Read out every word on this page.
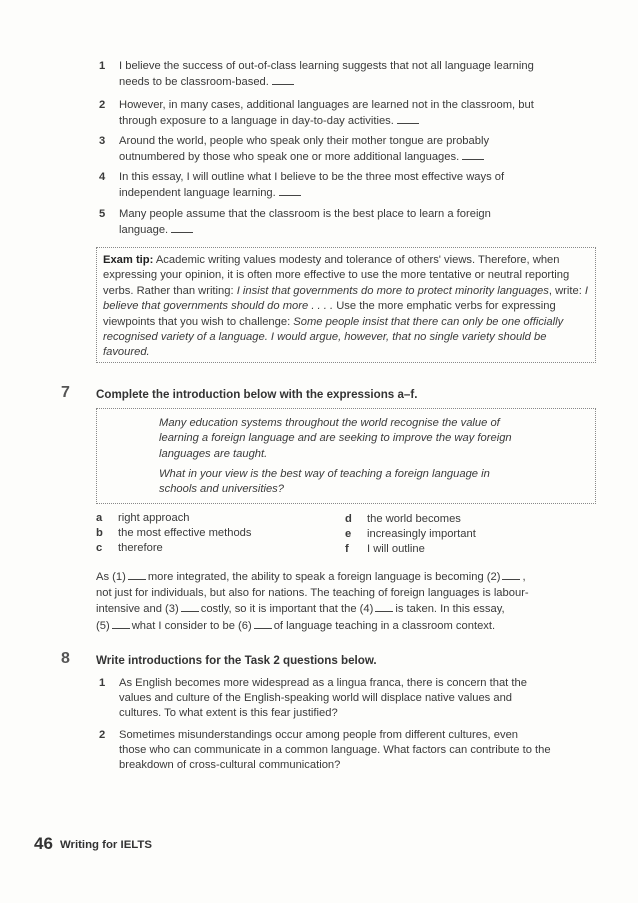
1 I believe the success of out-of-class learning suggests that not all language learning
needs to be classroom-based.
2 However, in many cases, additional languages are learned not in the classroom, but
through exposure to a language in day-to-day activities.
3 Around the world, people who speak only their mother tongue are probably
outnumbered by those who speak one or more additional languages.
4 In this essay, I will outline what I believe to be the three most effective ways of
independent language learning.
5 Many people assume that the classroom is the best place to learn a foreign
language.
Exam tip: Academic writing values modesty and tolerance of others' views. Therefore, when expressing your opinion, it is often more effective to use the more tentative or neutral reporting verbs. Rather than writing: I insist that governments do more to protect minority languages, write: I believe that governments should do more . . . . Use the more emphatic verbs for expressing viewpoints that you wish to challenge: Some people insist that there can only be one officially recognised variety of a language. I would argue, however, that no single variety should be favoured.
7 Complete the introduction below with the expressions a–f.

Many education systems throughout the world recognise the value of learning a foreign language and are seeking to improve the way foreign languages are taught.

What in your view is the best way of teaching a foreign language in schools and universities?

a right approach
b the most effective methods
c therefore
d the world becomes
e increasingly important
f I will outline
As (1) more integrated, the ability to speak a foreign language is becoming (2) ,
not just for individuals, but also for nations. The teaching of foreign languages is labour-
intensive and (3) costly, so it is important that the (4) is taken. In this essay,
(5) what I consider to be (6) of language teaching in a classroom context.
8 Write introductions for the Task 2 questions below.
1 As English becomes more widespread as a lingua franca, there is concern that the
values and culture of the English-speaking world will displace native values and
cultures. To what extent is this fear justified?
2 Sometimes misunderstandings occur among people from different cultures, even
those who can communicate in a common language. What factors can contribute to the
breakdown of cross-cultural communication?
46 Writing for IELTS
